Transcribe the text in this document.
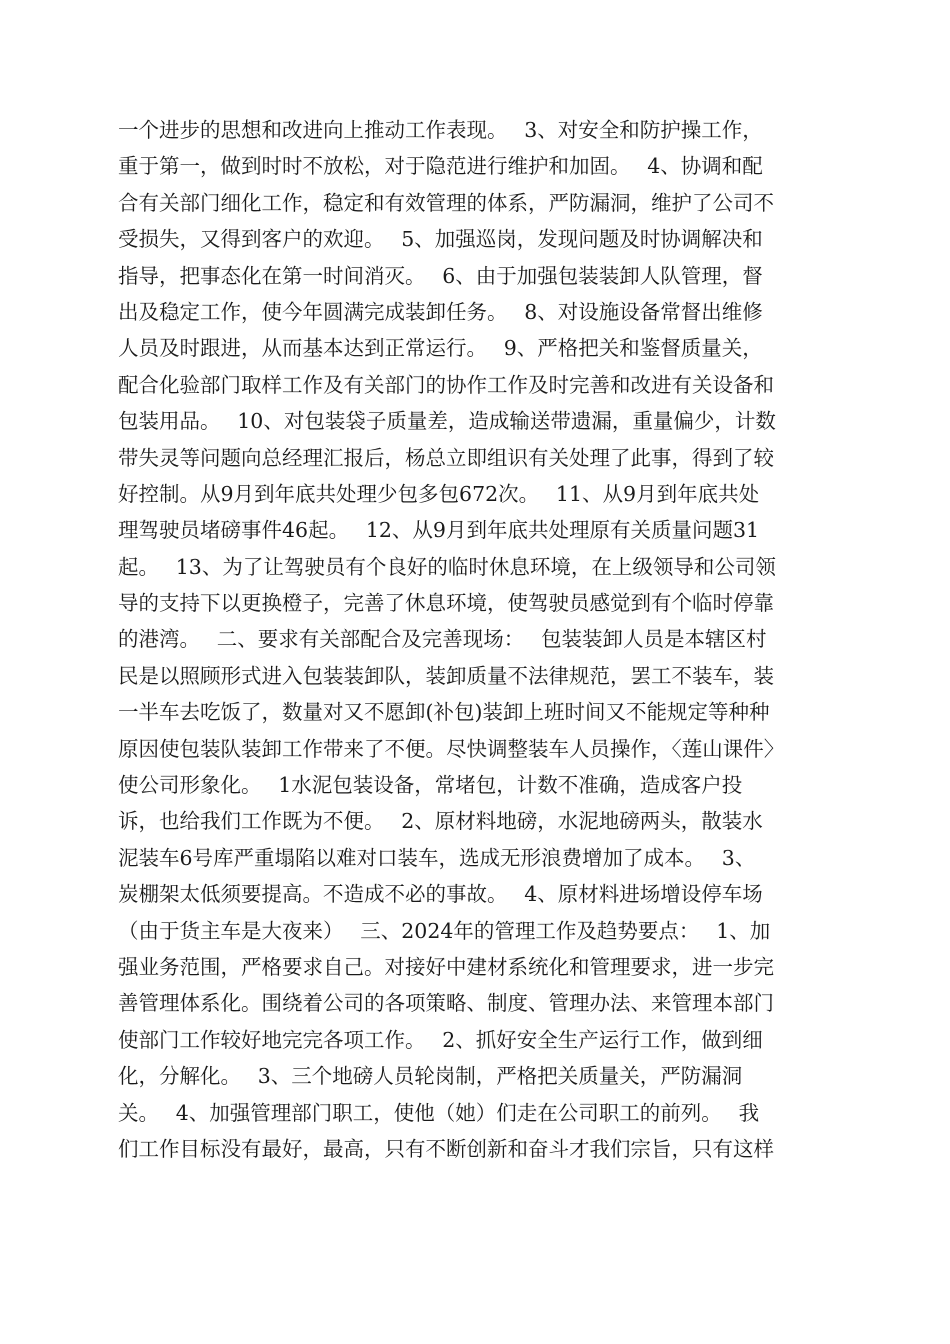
一个进步的思想和改进向上推动工作表现。　 3、对安全和防护操工作，
重于第一，做到时时不放松，对于隐范进行维护和加固。　 4、协调和配
合有关部门细化工作，稳定和有效管理的体系，严防漏洞，维护了公司不
受损失，又得到客户的欢迎。　 5、加强巡岗，发现问题及时协调解决和
指导，把事态化在第一时间消灭。　 6、由于加强包装装卸人队管理，督
出及稳定工作，使今年圆满完成装卸任务。　 8、对设施设备常督出维修
人员及时跟进，从而基本达到正常运行。　 9、严格把关和鉴督质量关，
配合化验部门取样工作及有关部门的协作工作及时完善和改进有关设备和
包装用品。　 10、对包装袋子质量差，造成输送带遗漏，重量偏少，计数
带失灵等问题向总经理汇报后，杨总立即组识有关处理了此事，得到了较
好控制。从9月到年底共处理少包多包672次。　 11、从9月到年底共处
理驾驶员堵磅事件46起。　 12、从9月到年底共处理原有关质量问题31
起。　 13、为了让驾驶员有个良好的临时休息环境，在上级领导和公司领
导的支持下以更换橙子，完善了休息环境，使驾驶员感觉到有个临时停靠
的港湾。　 二、要求有关部配合及完善现场：　 包装装卸人员是本辖区村
民是以照顾形式进入包装装卸队，装卸质量不法律规范，罢工不装车，装
一半车去吃饭了，数量对又不愿卸(补包)装卸上班时间又不能规定等种种
原因使包装队装卸工作带来了不便。尽快调整装车人员操作，〈莲山课件〉
使公司形象化。　 1水泥包装设备，常堵包，计数不准确，造成客户投
诉，也给我们工作既为不便。　 2、原材料地磅，水泥地磅两头，散装水
泥装车6号库严重塌陷以难对口装车，选成无形浪费增加了成本。　 3、
炭棚架太低须要提高。不造成不必的事故。　 4、原材料进场增设停车场
（由于货主车是大夜来）　 三、2024年的管理工作及趋势要点：　 1、加
强业务范围，严格要求自己。对接好中建材系统化和管理要求，进一步完
善管理体系化。围绕着公司的各项策略、制度、管理办法、来管理本部门
使部门工作较好地完完各项工作。　 2、抓好安全生产运行工作，做到细
化，分解化。　 3、三个地磅人员轮岗制，严格把关质量关，严防漏洞
关。　 4、加强管理部门职工，使他（她）们走在公司职工的前列。　 我
们工作目标没有最好，最高，只有不断创新和奋斗才我们宗旨，只有这样
